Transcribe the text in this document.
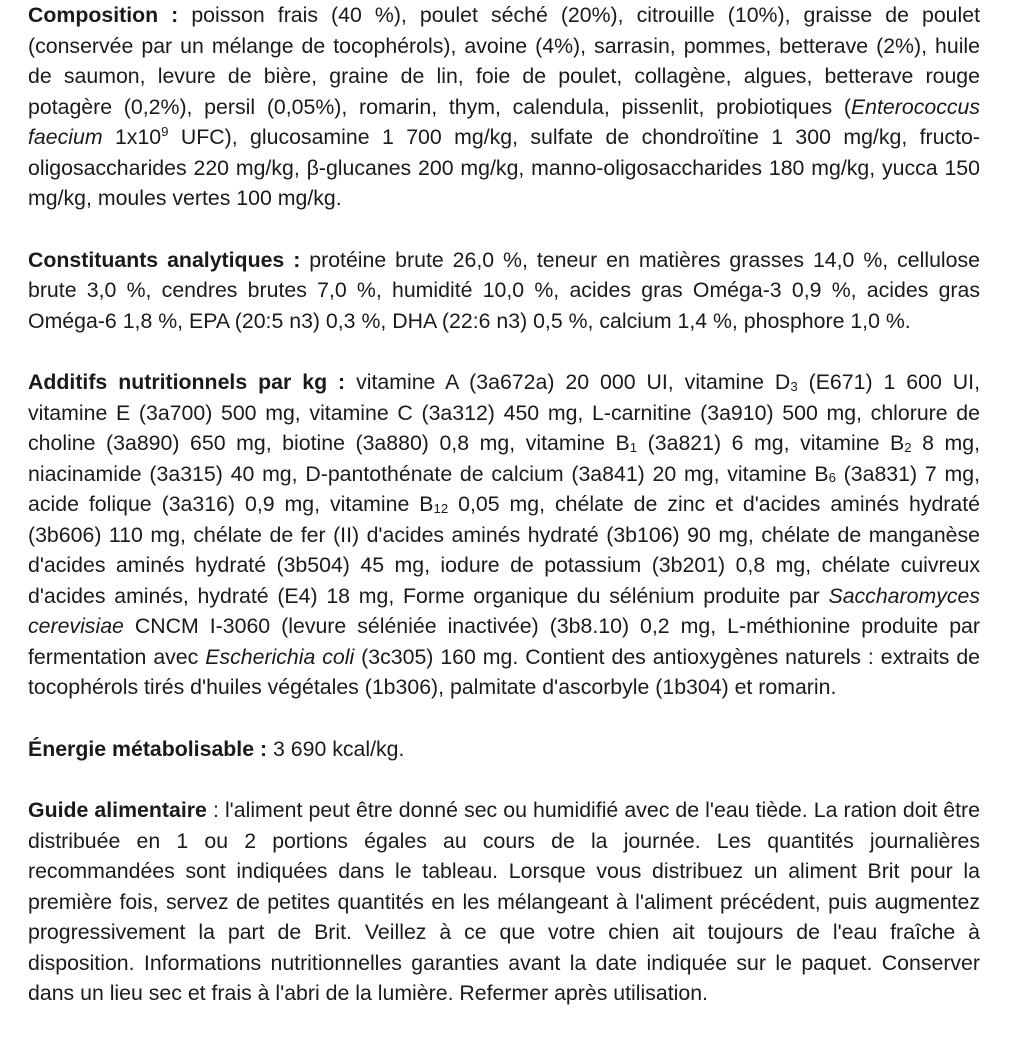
Composition : poisson frais (40 %), poulet séché (20%), citrouille (10%), graisse de poulet (conservée par un mélange de tocophérols), avoine (4%), sarrasin, pommes, betterave (2%), huile de saumon, levure de bière, graine de lin, foie de poulet, collagène, algues, betterave rouge potagère (0,2%), persil (0,05%), romarin, thym, calendula, pissenlit, probiotiques (Enterococcus faecium $1x10^9$ UFC), glucosamine 1 700 mg/kg, sulfate de chondroïtine 1 300 mg/kg, fructo-oligosaccharides 220 mg/kg, β-glucanes 200 mg/kg, manno-oligosaccharides 180 mg/kg, yucca 150 mg/kg, moules vertes 100 mg/kg.

Constituants analytiques : protéine brute 26,0 %, teneur en matières grasses 14,0 %, cellulose brute 3,0 %, cendres brutes 7,0 %, humidité 10,0 %, acides gras Oméga-3 0,9 %, acides gras Oméga-6 1,8 %, EPA (20:5 n3) 0,3 %, DHA (22:6 n3) 0,5 %, calcium 1,4 %, phosphore 1,0 %.

Additifs nutritionnels par kg : vitamine A (3a672a) 20 000 UI, vitamine $D_3$ (E671) 1 600 UI, vitamine E (3a700) 500 mg, vitamine C (3a312) 450 mg, L-carnitine (3a910) 500 mg, chlorure de choline (3a890) 650 mg, biotine (3a880) 0,8 mg, vitamine $B_1$ (3a821) 6 mg, vitamine $B_2$ 8 mg, niacinamide (3a315) 40 mg, D-pantothénate de calcium (3a841) 20 mg, vitamine $B_6$ (3a831) 7 mg, acide folique (3a316) 0,9 mg, vitamine $B_{12}$ 0,05 mg, chélate de zinc et d'acides aminés hydraté (3b606) 110 mg, chélate de fer (II) d'acides aminés hydraté (3b106) 90 mg, chélate de manganèse d'acides aminés hydraté (3b504) 45 mg, iodure de potassium (3b201) 0,8 mg, chélate cuivreux d'acides aminés, hydraté (E4) 18 mg, Forme organique du sélénium produite par Saccharomyces cerevisiae CNCM I-3060 (levure séléniée inactivée) (3b8.10) 0,2 mg, L-méthionine produite par fermentation avec Escherichia coli (3c305) 160 mg. Contient des antioxygènes naturels : extraits de tocophérols tirés d'huiles végétales (1b306), palmitate d'ascorbyle (1b304) et romarin.

Énergie métabolisable : 3 690 kcal/kg.

Guide alimentaire : l'aliment peut être donné sec ou humidifié avec de l'eau tiède. La ration doit être distribuée en 1 ou 2 portions égales au cours de la journée. Les quantités journalières recommandées sont indiquées dans le tableau. Lorsque vous distribuez un aliment Brit pour la première fois, servez de petites quantités en les mélangeant à l'aliment précédent, puis augmentez progressivement la part de Brit. Veillez à ce que votre chien ait toujours de l'eau fraîche à disposition. Informations nutritionnelles garanties avant la date indiquée sur le paquet. Conserver dans un lieu sec et frais à l'abri de la lumière. Refermer après utilisation.
